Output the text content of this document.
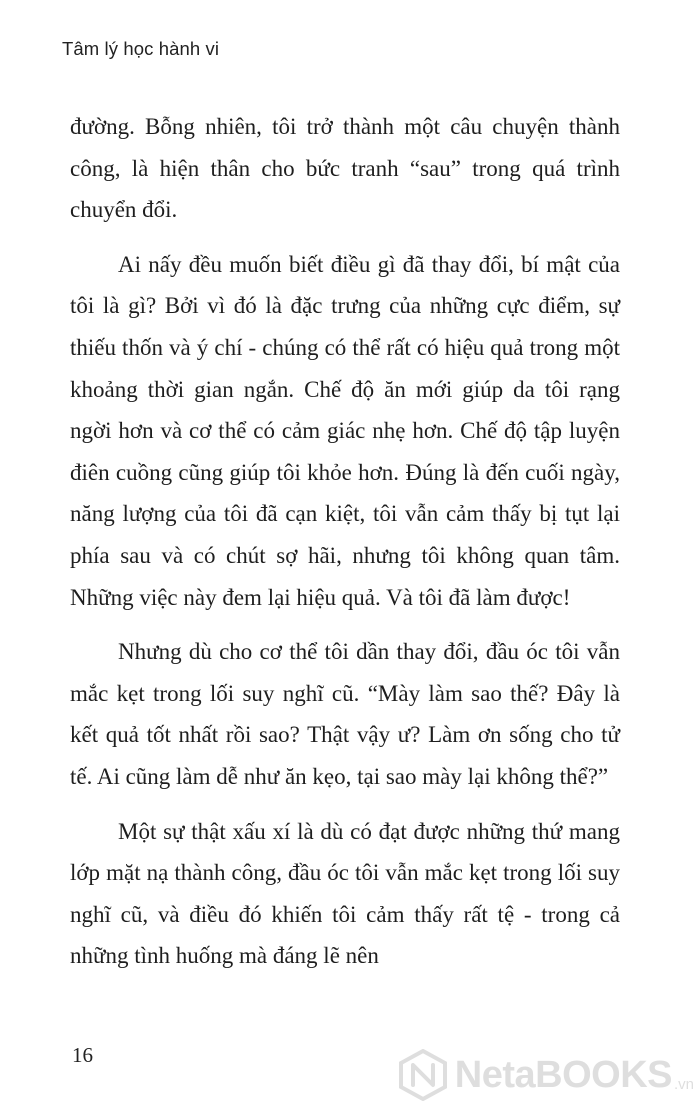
Tâm lý học hành vi

đường. Bỗng nhiên, tôi trở thành một câu chuyện thành công, là hiện thân cho bức tranh “sau” trong quá trình chuyển đổi.

Ai nấy đều muốn biết điều gì đã thay đổi, bí mật của tôi là gì? Bởi vì đó là đặc trưng của những cực điểm, sự thiếu thốn và ý chí - chúng có thể rất có hiệu quả trong một khoảng thời gian ngắn. Chế độ ăn mới giúp da tôi rạng ngời hơn và cơ thể có cảm giác nhẹ hơn. Chế độ tập luyện điên cuồng cũng giúp tôi khỏe hơn. Đúng là đến cuối ngày, năng lượng của tôi đã cạn kiệt, tôi vẫn cảm thấy bị tụt lại phía sau và có chút sợ hãi, nhưng tôi không quan tâm. Những việc này đem lại hiệu quả. Và tôi đã làm được!

Nhưng dù cho cơ thể tôi dần thay đổi, đầu óc tôi vẫn mắc kẹt trong lối suy nghĩ cũ. “Mày làm sao thế? Đây là kết quả tốt nhất rồi sao? Thật vậy ư? Làm ơn sống cho tử tế. Ai cũng làm dễ như ăn kẹo, tại sao mày lại không thể?”

Một sự thật xấu xí là dù có đạt được những thứ mang lớp mặt nạ thành công, đầu óc tôi vẫn mắc kẹt trong lối suy nghĩ cũ, và điều đó khiến tôi cảm thấy rất tệ - trong cả những tình huống mà đáng lẽ nên

16	NetaBOOKS .vn
